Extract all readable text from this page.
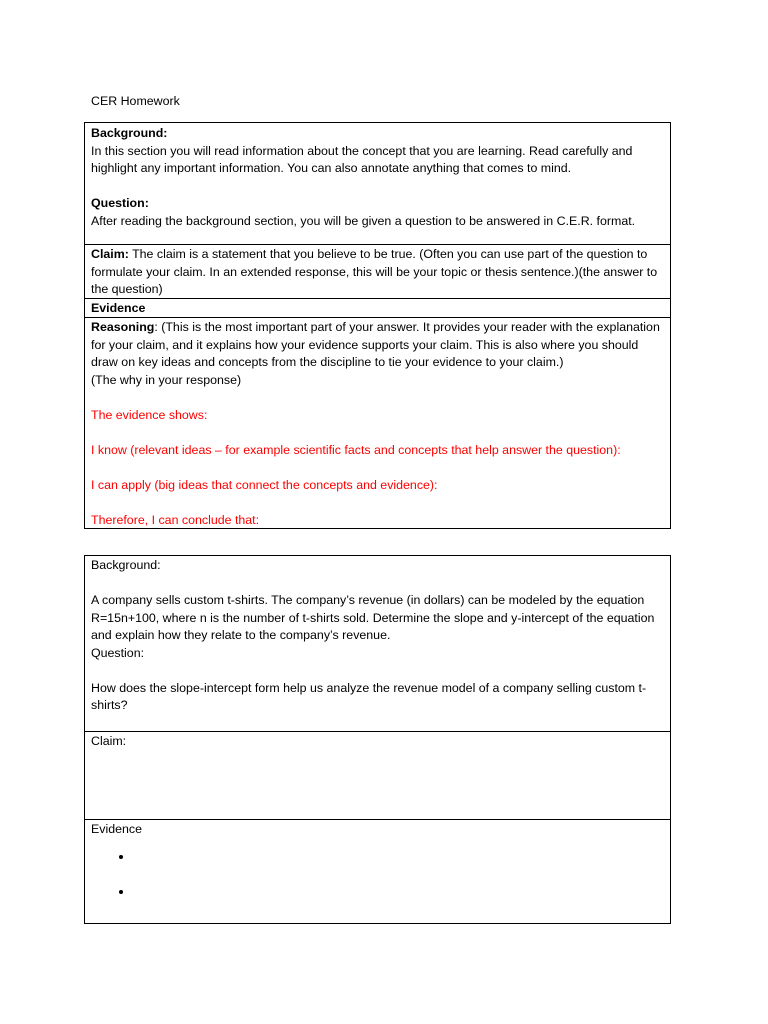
CER Homework

Background:

In this section you will read information about the concept that you are learning. Read carefully and highlight any important information. You can also annotate anything that comes to mind.

Question:

After reading the background section, you will be given a question to be answered in C.E.R. format.

Claim: The claim is a statement that you believe to be true. (Often you can use part of the question to formulate your claim. In an extended response, this will be your topic or thesis sentence.)(the answer to the question)

Evidence

Reasoning: (This is the most important part of your answer. It provides your reader with the explanation for your claim, and it explains how your evidence supports your claim. This is also where you should draw on key ideas and concepts from the discipline to tie your evidence to your claim.)

(The why in your response)

The evidence shows:

I know (relevant ideas – for example scientific facts and concepts that help answer the question):

I can apply (big ideas that connect the concepts and evidence):

Therefore, I can conclude that:

Background:

A company sells custom t-shirts. The company’s revenue (in dollars) can be modeled by the equation R=15n+100, where n is the number of t-shirts sold. Determine the slope and y-intercept of the equation and explain how they relate to the company’s revenue.

Question:

How does the slope-intercept form help us analyze the revenue model of a company selling custom t-shirts?

Claim:

Evidence
